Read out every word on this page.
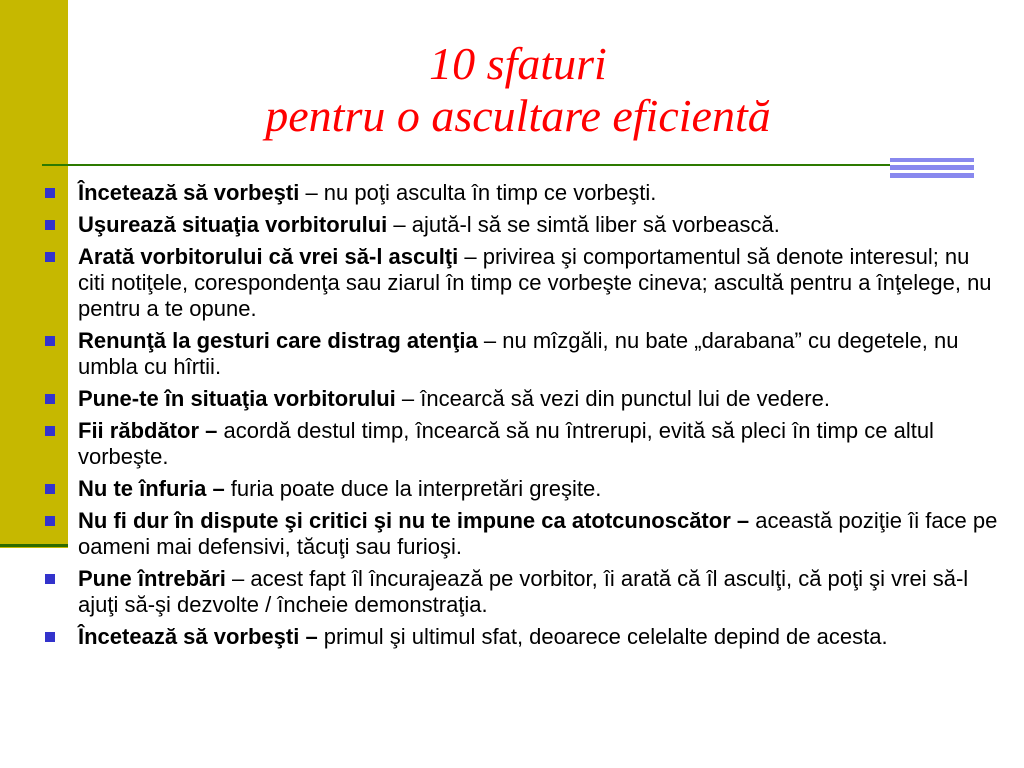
10 sfaturi
pentru o ascultare eficientă
Încetează să vorbeşti – nu poţi asculta în timp ce vorbeşti.
Uşurează situaţia vorbitorului – ajută-l să se simtă liber să vorbească.
Arată vorbitorului că vrei să-l asculţi – privirea şi comportamentul să denote interesul; nu citi notiţele, corespondenţa sau ziarul în timp ce vorbeşte cineva; ascultă pentru a înţelege, nu pentru a te opune.
Renunţă la gesturi care distrag atenţia – nu mîzgăli, nu bate „darabana” cu degetele, nu umbla cu hîrtii.
Pune-te în situaţia vorbitorului – încearcă să vezi din punctul lui de vedere.
Fii răbdător – acordă destul timp, încearcă să nu întrerupi, evită să pleci în timp ce altul vorbeşte.
Nu te înfuria – furia poate duce la interpretări greşite.
Nu fi dur în dispute şi critici şi nu te impune ca atotcunoscător – această poziţie îi face pe oameni mai defensivi, tăcuţi sau furioşi.
Pune întrebări – acest fapt îl încurajează pe vorbitor, îi arată că îl asculţi, că poţi şi vrei să-l ajuţi să-şi dezvolte / încheie demonstraţia.
Încetează să vorbeşti – primul şi ultimul sfat, deoarece celelalte depind de acesta.
